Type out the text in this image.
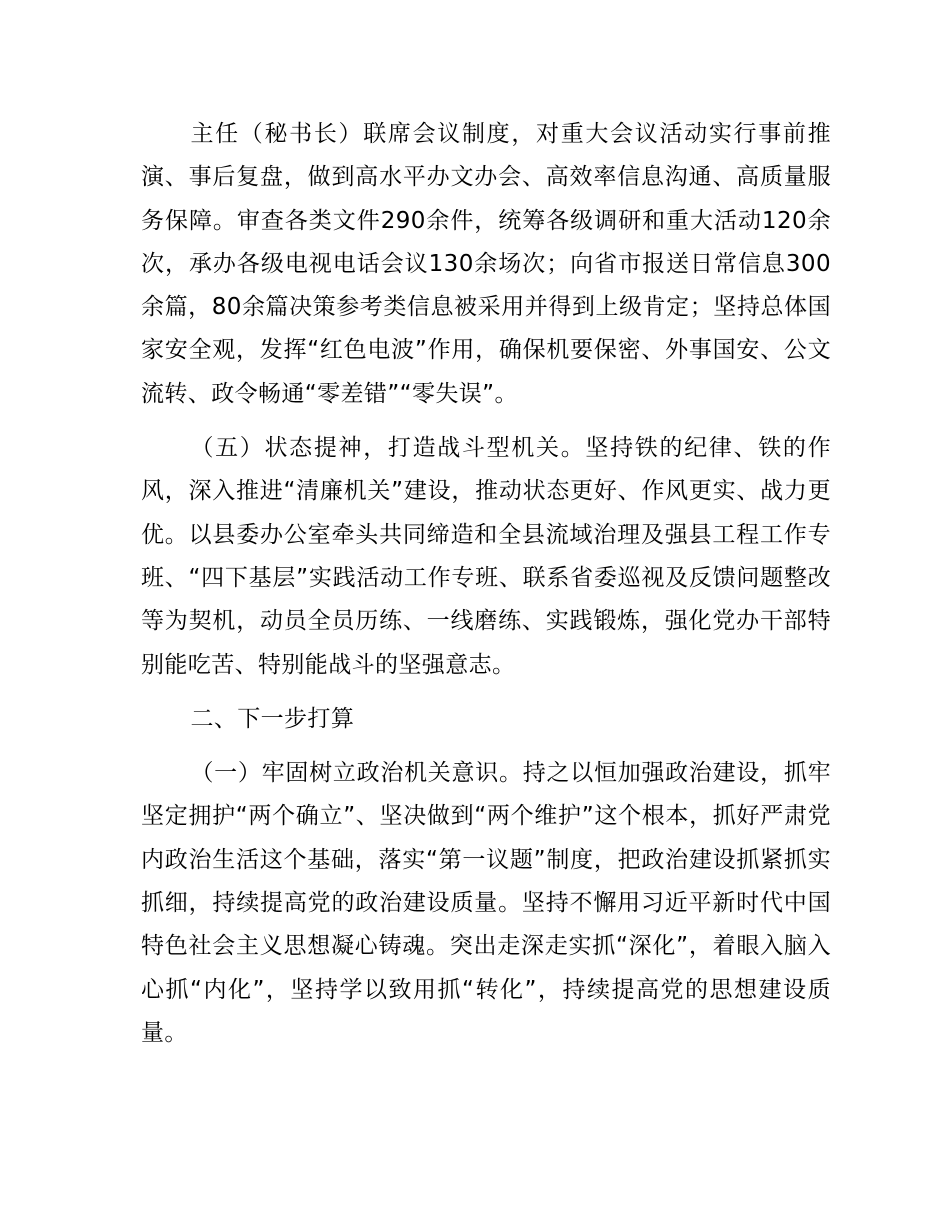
主任（秘书长）联席会议制度，对重大会议活动实行事前推演、事后复盘，做到高水平办文办会、高效率信息沟通、高质量服务保障。审查各类文件290余件，统筹各级调研和重大活动120余次，承办各级电视电话会议130余场次；向省市报送日常信息300余篇，80余篇决策参考类信息被采用并得到上级肯定；坚持总体国家安全观，发挥“红色电波”作用，确保机要保密、外事国安、公文流转、政令畅通“零差错”“零失误”。

（五）状态提神，打造战斗型机关。坚持铁的纪律、铁的作风，深入推进“清廉机关”建设，推动状态更好、作风更实、战力更优。以县委办公室牵头共同缔造和全县流域治理及强县工程工作专班、“四下基层”实践活动工作专班、联系省委巡视及反馈问题整改等为契机，动员全员历练、一线磨练、实践锻炼，强化党办干部特别能吃苦、特别能战斗的坚强意志。

二、下一步打算

（一）牢固树立政治机关意识。持之以恒加强政治建设，抓牢坚定拥护“两个确立”、坚决做到“两个维护”这个根本，抓好严肃党内政治生活这个基础，落实“第一议题”制度，把政治建设抓紧抓实抓细，持续提高党的政治建设质量。坚持不懈用习近平新时代中国特色社会主义思想凝心铸魂。突出走深走实抓“深化”，着眼入脑入心抓“内化”，坚持学以致用抓“转化”，持续提高党的思想建设质量。
